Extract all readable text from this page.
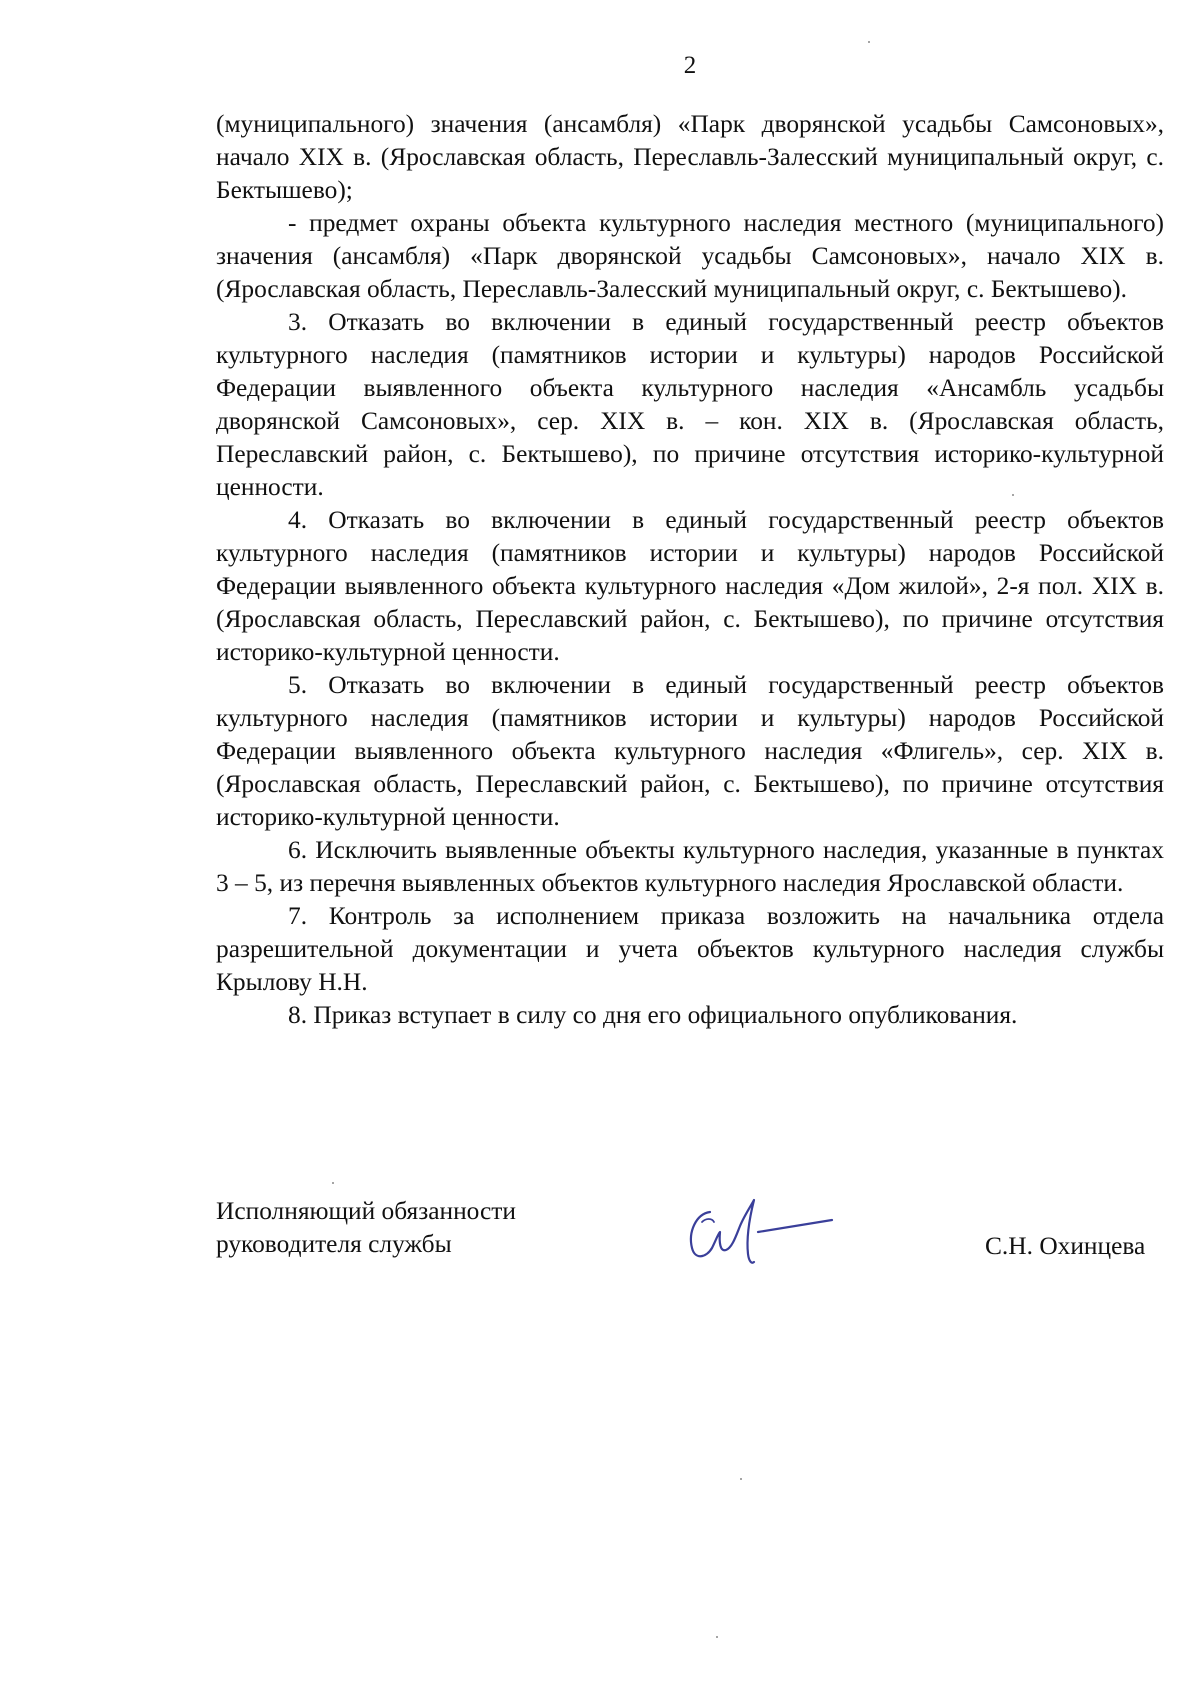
2

(муниципального) значения (ансамбля) «Парк дворянской усадьбы Самсоновых», начало XIX в. (Ярославская область, Переславль-Залесский муниципальный округ, с. Бектышево);

- предмет охраны объекта культурного наследия местного (муниципального) значения (ансамбля) «Парк дворянской усадьбы Самсоновых», начало XIX в. (Ярославская область, Переславль-Залесский муниципальный округ, с. Бектышево).

3. Отказать во включении в единый государственный реестр объектов культурного наследия (памятников истории и культуры) народов Российской Федерации выявленного объекта культурного наследия «Ансамбль усадьбы дворянской Самсоновых», сер. XIX в. – кон. XIX в. (Ярославская область, Переславский район, с. Бектышево), по причине отсутствия историко-культурной ценности.

4. Отказать во включении в единый государственный реестр объектов культурного наследия (памятников истории и культуры) народов Российской Федерации выявленного объекта культурного наследия «Дом жилой», 2-я пол. XIX в. (Ярославская область, Переславский район, с. Бектышево), по причине отсутствия историко-культурной ценности.

5. Отказать во включении в единый государственный реестр объектов культурного наследия (памятников истории и культуры) народов Российской Федерации выявленного объекта культурного наследия «Флигель», сер. XIX в. (Ярославская область, Переславский район, с. Бектышево), по причине отсутствия историко-культурной ценности.

6. Исключить выявленные объекты культурного наследия, указанные в пунктах 3 – 5, из перечня выявленных объектов культурного наследия Ярославской области.

7. Контроль за исполнением приказа возложить на начальника отдела разрешительной документации и учета объектов культурного наследия службы Крылову Н.Н.

8. Приказ вступает в силу со дня его официального опубликования.

Исполняющий обязанности
руководителя службы	С.Н. Охинцева
